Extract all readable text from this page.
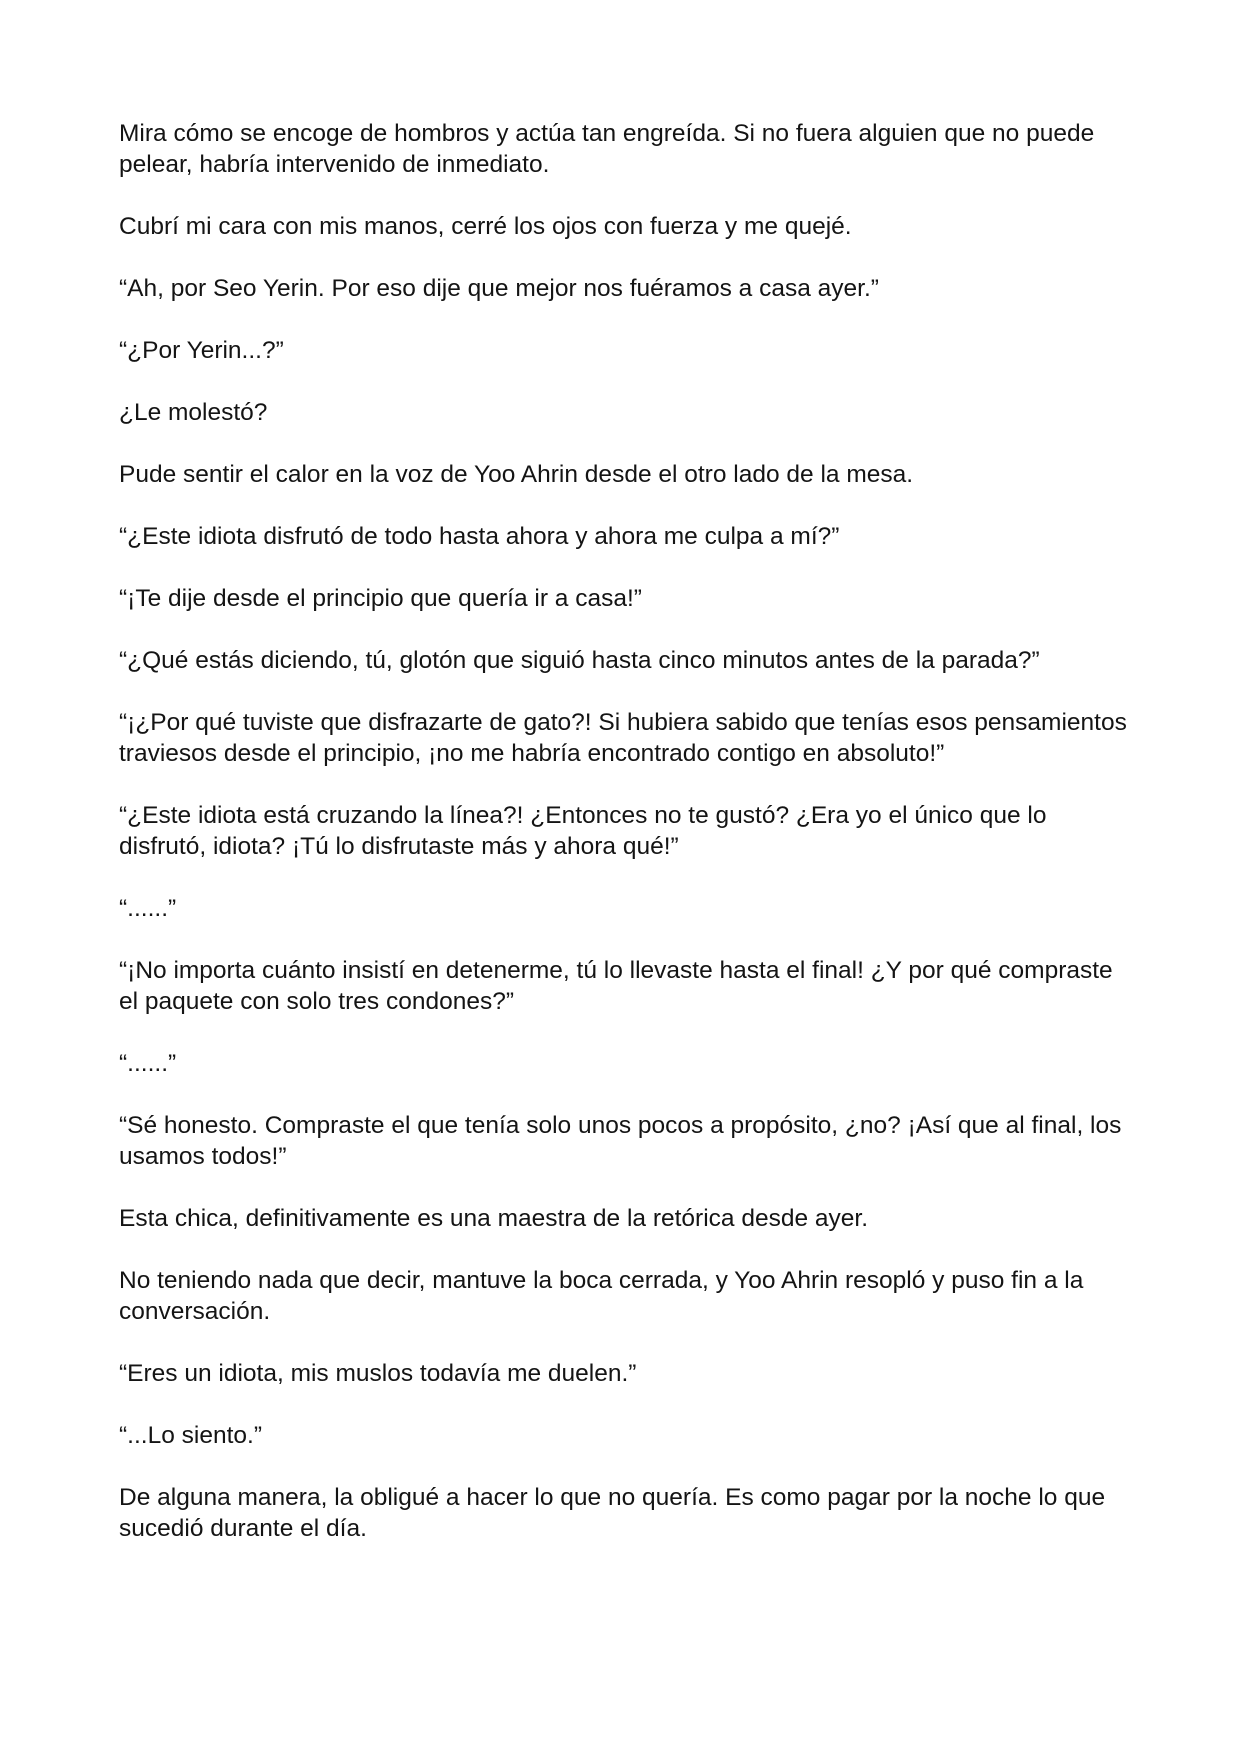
Mira cómo se encoge de hombros y actúa tan engreída. Si no fuera alguien que no puede pelear, habría intervenido de inmediato.

Cubrí mi cara con mis manos, cerré los ojos con fuerza y me quejé.

“Ah, por Seo Yerin. Por eso dije que mejor nos fuéramos a casa ayer.”

“¿Por Yerin...?”

¿Le molestó?

Pude sentir el calor en la voz de Yoo Ahrin desde el otro lado de la mesa.

“¿Este idiota disfrutó de todo hasta ahora y ahora me culpa a mí?”

“¡Te dije desde el principio que quería ir a casa!”

“¿Qué estás diciendo, tú, glotón que siguió hasta cinco minutos antes de la parada?”

“¡¿Por qué tuviste que disfrazarte de gato?! Si hubiera sabido que tenías esos pensamientos traviesos desde el principio, ¡no me habría encontrado contigo en absoluto!”

“¿Este idiota está cruzando la línea?! ¿Entonces no te gustó? ¿Era yo el único que lo disfrutó, idiota? ¡Tú lo disfrutaste más y ahora qué!”

“......”

“¡No importa cuánto insistí en detenerme, tú lo llevaste hasta el final! ¿Y por qué compraste el paquete con solo tres condones?”

“......”

“Sé honesto. Compraste el que tenía solo unos pocos a propósito, ¿no? ¡Así que al final, los usamos todos!”

Esta chica, definitivamente es una maestra de la retórica desde ayer.

No teniendo nada que decir, mantuve la boca cerrada, y Yoo Ahrin resopló y puso fin a la conversación.

“Eres un idiota, mis muslos todavía me duelen.”

“...Lo siento.”

De alguna manera, la obligué a hacer lo que no quería. Es como pagar por la noche lo que sucedió durante el día.
